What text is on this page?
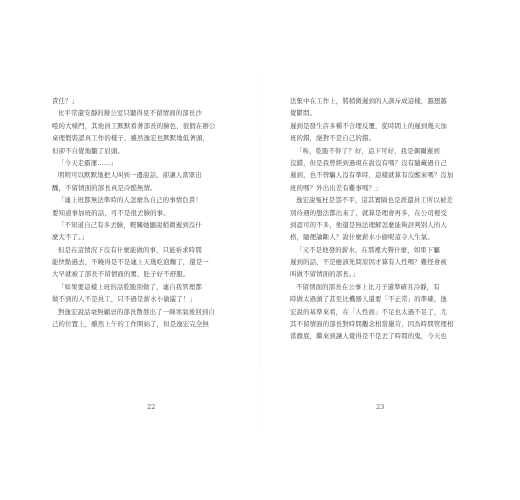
責任？」
比平常還安靜的辦公室只聽得見不留情面的部長沙
啞的大嗓門，其他員工默默看著部長的臉色，很假在辦公
桌理假裝認真工作的樣子，雖然逸宏也默默地低著頭，
但卻不自覺地皺了眉頭。
「今天走霸運……」
明明可以默默地把人叫到一邊說話，卻讓人當眾出
醜，不留情面的部長真是冷酷無情。
「連上班都無法準時的人怎麼為自己的事情負責！
要知道事加班的話，可不是很丟臉的事。
「不知道自己有多丟臉，輕關她顯說稍微遲到沒什
麼大不了。」
但是在這情況下沒有什麼能做的事，只能祈求時間
能快點過去，不曉得是不是連上天幾吃泡麵了，還是一
大早就被了部長不留情面的罵，肚子好不舒服。
「如果要這樣上班的話乾脆別做了，連自我管理都
做不到的人不是員工，只不過是薪水小偷罷了！」
對逸宏說話毫無顧忌的部長散發出了一陣寒氣後回到自
己的位置上，雖然上午的工作開始了，但是逸宏完全無
22
法集中在工作上，將稍微遲到的人訓斥成這樣，越想越
覺鬱悶。
遲到是發生許多種不合理反覆，從時間上的遲到幾天加
班的錯，絕對不是自己的錯。
「唉，乾脆不幹了？好，這下可好，我是偶爾遲到
沒錯，但是我曾經到過現在說沒有嗎？沒有隨藏過自己
遲到，也不曾騙人沒有準時，這樣就算有沒醒來嗎？沒加
班的嗎？外出出差有難事嗎？」
逸宏說冤枉是怨不平，這其實隔也是派遣員工所以被差
別待遇的想法都出來了，就算是理會再多，在公司裡受
到認可的不多，他還是無法理解怎麼能夠評判別人的人
格，隨便論斷人？說什麼薪水小偷呢這令人生氣。
「又不是他發的薪水，在那裡大聲什麼，如果下屬
遲到的話，不是應該先問原因才算有人性嗎？難怪會被
叫做不留情面的部長。」
不留情面的部長在公事上比刀子還準確且冷靜，有
時做太過頭了甚至比機器人還要「不正常」的準確，逸
宏說的基準來看，在「人性面」不足也太過不足了，尤
其不留情面的部長對時間觀念相當嚴苛，因為時間管理相
當徹底，繼來到讓人覺得是不是丟了時間的鬼，今天也
23
